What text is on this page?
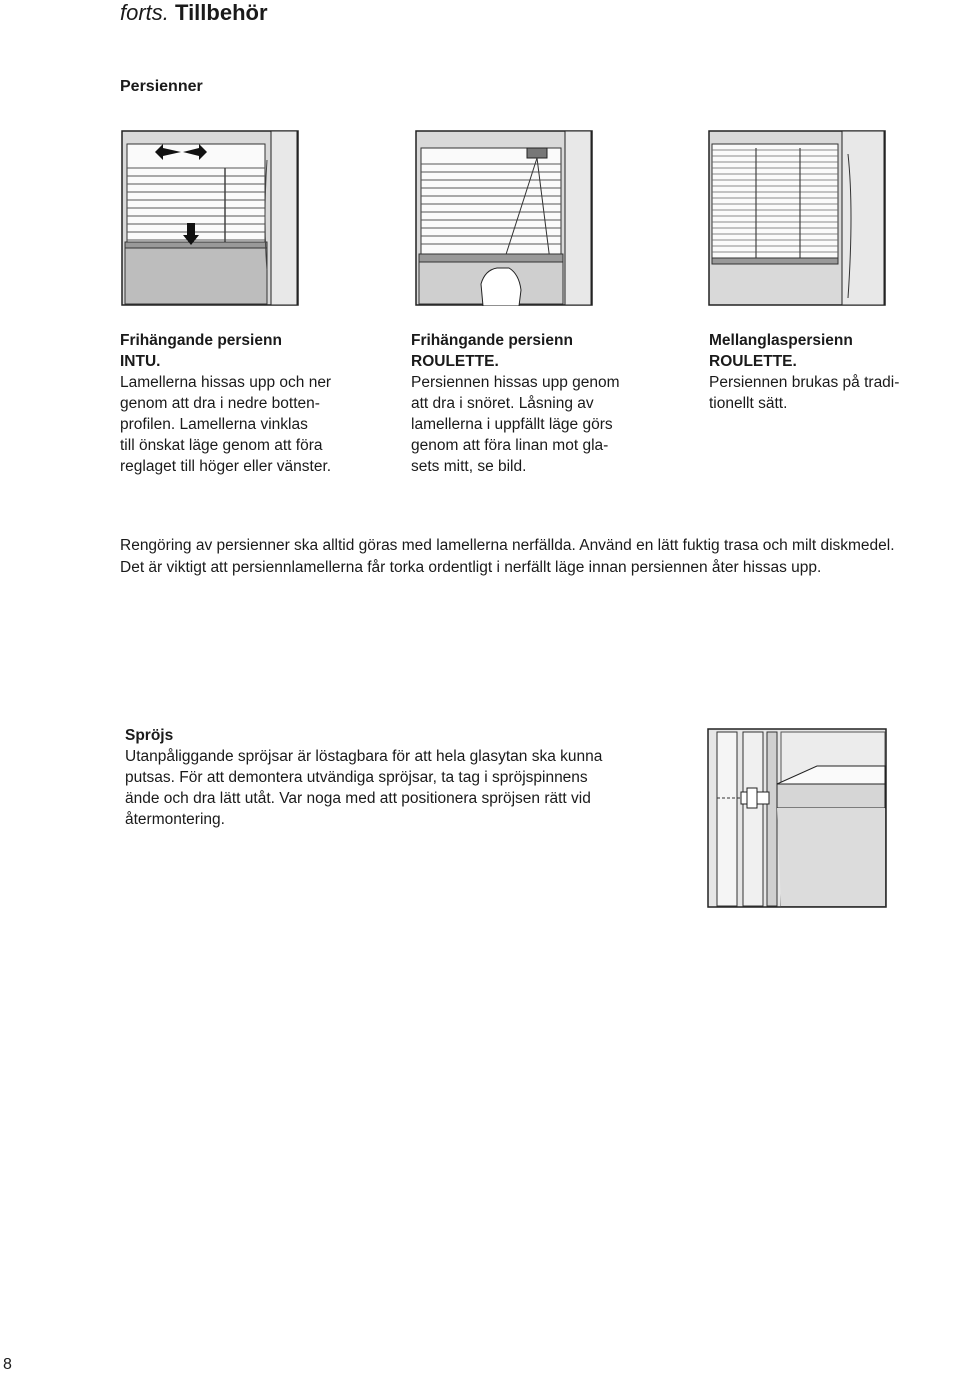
forts. Tillbehör
Persienner
Frihängande persienn
INTU.
Lamellerna hissas upp och ner
genom att dra i nedre botten-
profilen. Lamellerna vinklas
till önskat läge genom att föra
reglaget till höger eller vänster.
Frihängande persienn
ROULETTE.
Persiennen hissas upp genom
att dra i snöret. Låsning av
lamellerna i uppfällt läge görs
genom att föra linan mot gla-
sets mitt, se bild.
Mellanglaspersienn
ROULETTE.
Persiennen brukas på tradi-
tionellt sätt.
Rengöring av persienner ska alltid göras med lamellerna nerfällda. Använd en lätt fuktig trasa och milt diskmedel.
Det är viktigt att persiennlamellerna får torka ordentligt i nerfällt läge innan persiennen åter hissas upp.
Spröjs
Utanpåliggande spröjsar är löstagbara för att hela glasytan ska kunna
putsas. För att demontera utvändiga spröjsar, ta tag i spröjspinnens
ände och dra lätt utåt. Var noga med att positionera spröjsen rätt vid
återmontering.
8
